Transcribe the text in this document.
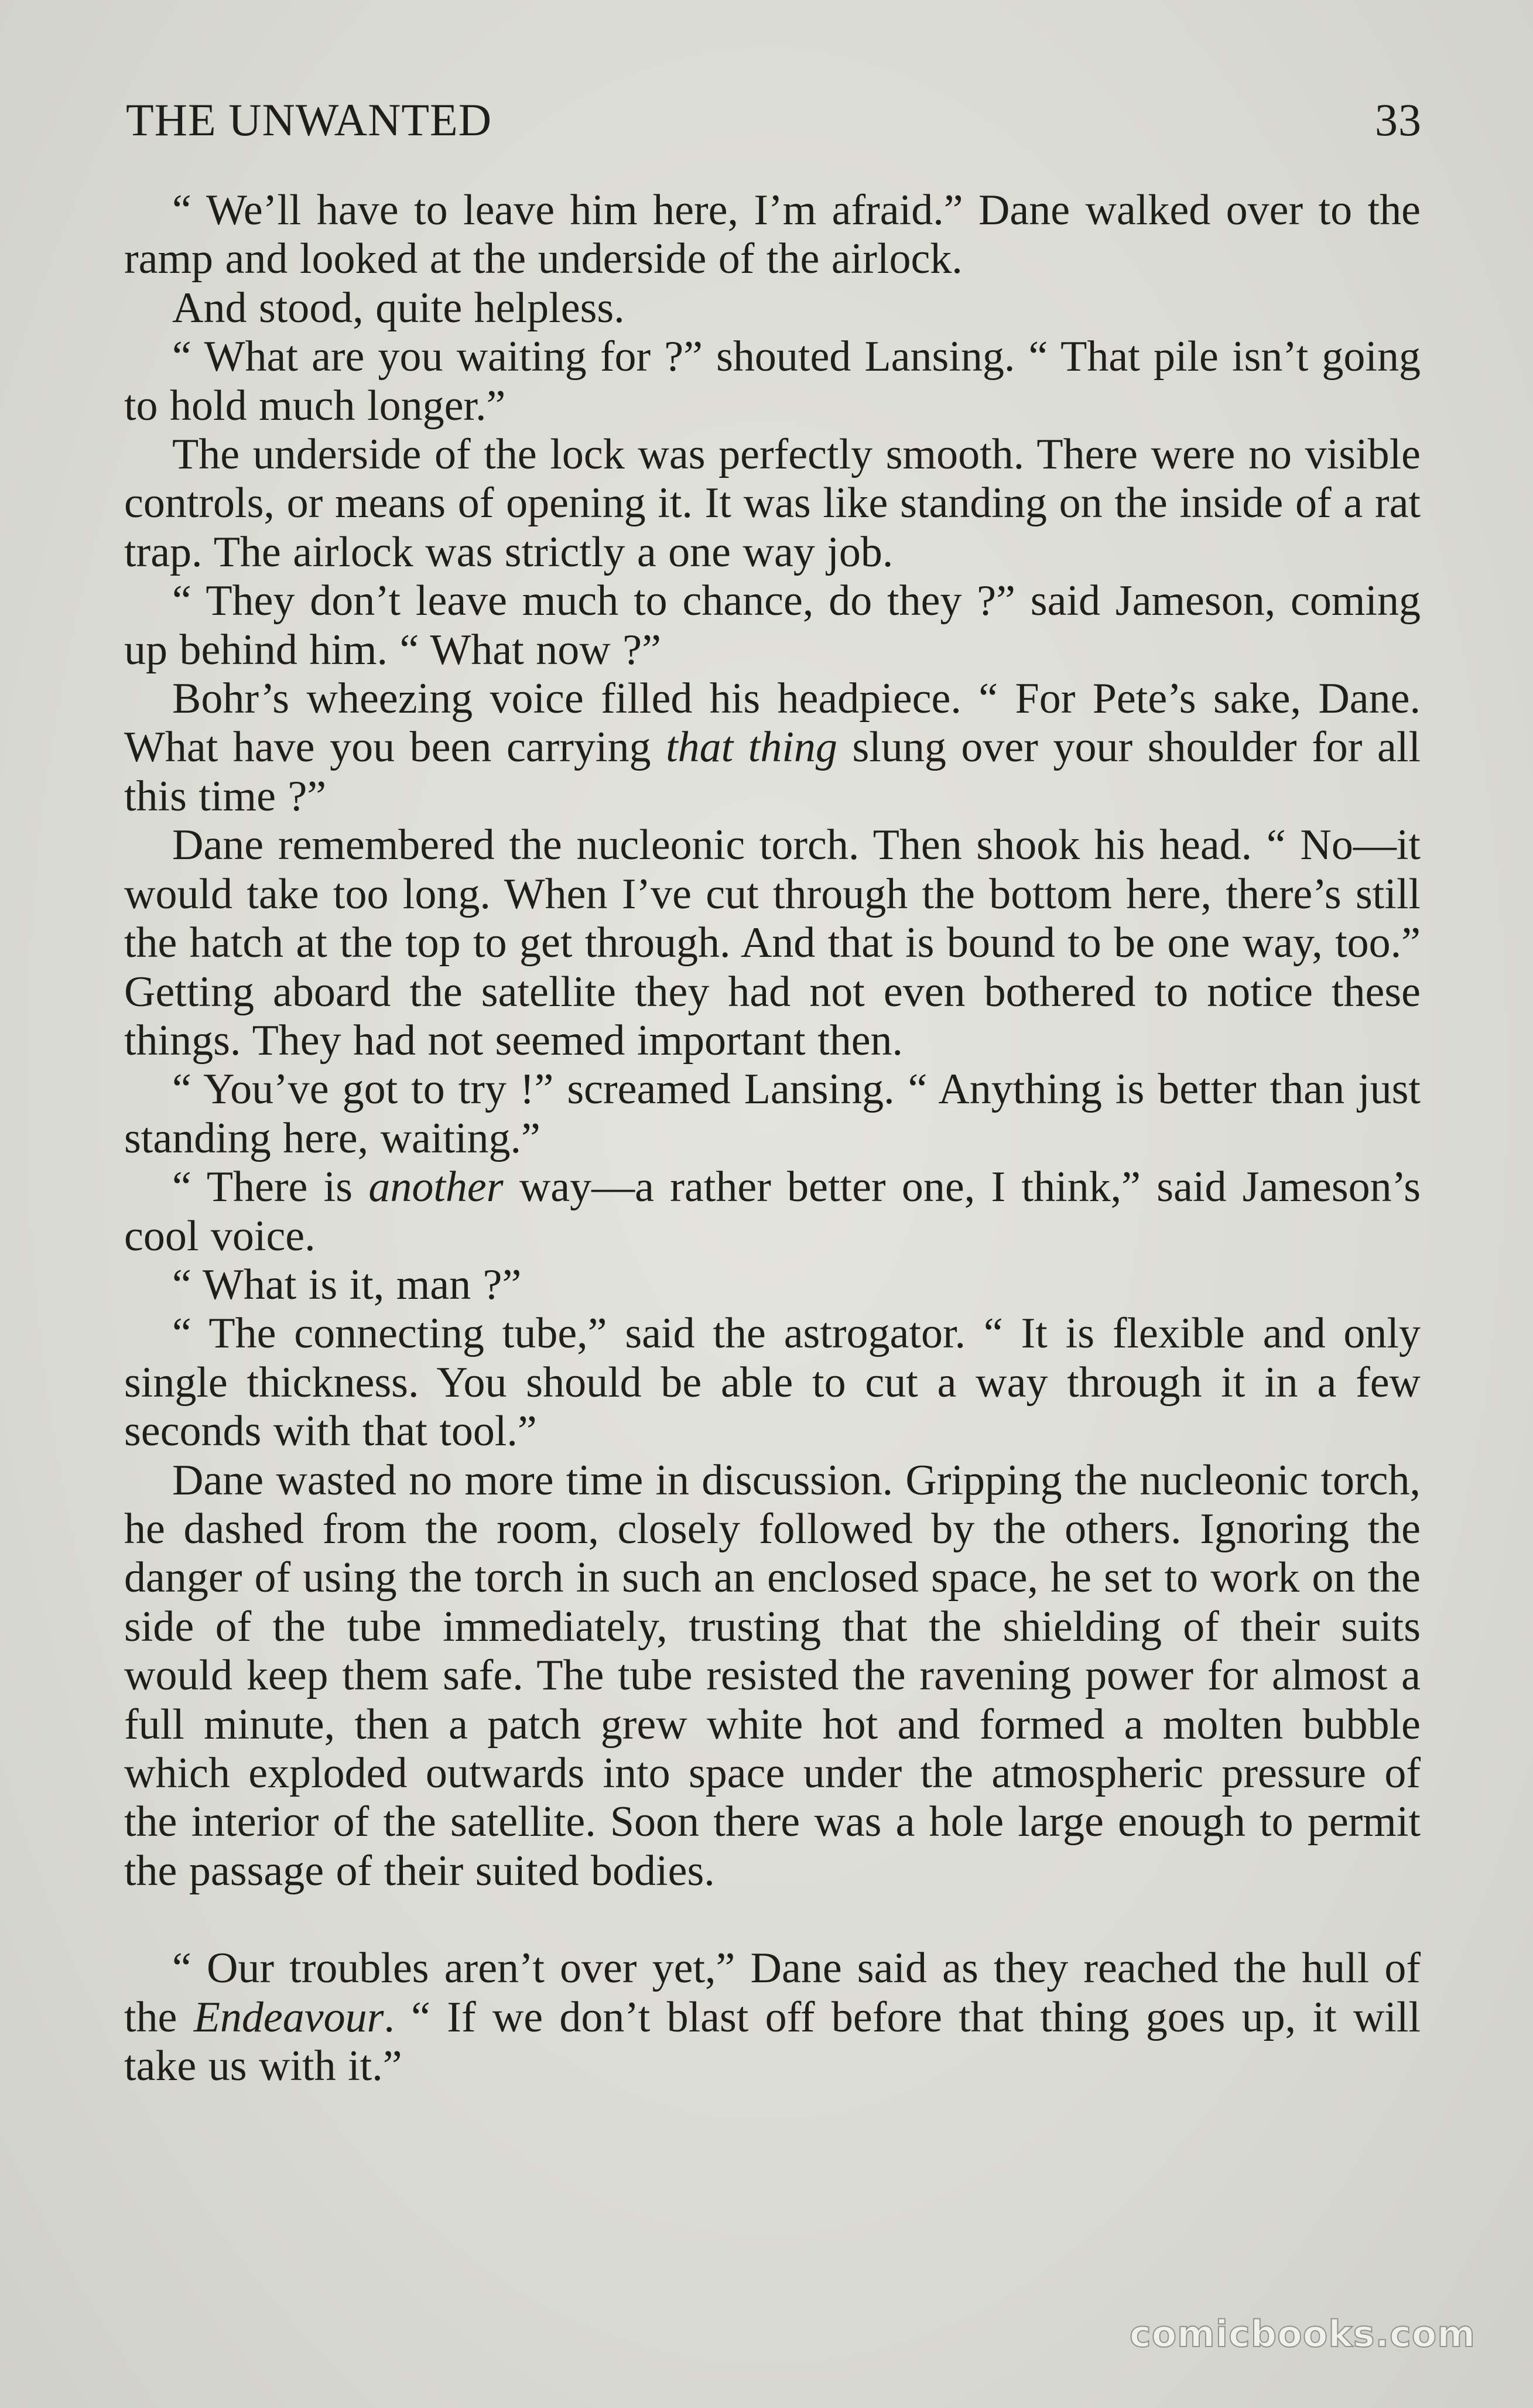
THE UNWANTED	33

“ We’ll have to leave him here, I’m afraid.” Dane walked over to the ramp and looked at the underside of the airlock.

And stood, quite helpless.

“ What are you waiting for ?” shouted Lansing. “ That pile isn’t going to hold much longer.”

The underside of the lock was perfectly smooth. There were no visible controls, or means of opening it. It was like standing on the inside of a rat trap. The airlock was strictly a one way job.

“ They don’t leave much to chance, do they ?” said Jameson, coming up behind him. “ What now ?”

Bohr’s wheezing voice filled his headpiece. “ For Pete’s sake, Dane. What have you been carrying that thing slung over your shoulder for all this time ?”

Dane remembered the nucleonic torch. Then shook his head. “ No—it would take too long. When I’ve cut through the bottom here, there’s still the hatch at the top to get through. And that is bound to be one way, too.” Getting aboard the satellite they had not even bothered to notice these things. They had not seemed important then.

“ You’ve got to try !” screamed Lansing. “ Anything is better than just standing here, waiting.”

“ There is another way—a rather better one, I think,” said Jameson’s cool voice.

“ What is it, man ?”

“ The connecting tube,” said the astrogator. “ It is flexible and only single thickness. You should be able to cut a way through it in a few seconds with that tool.”

Dane wasted no more time in discussion. Gripping the nucleonic torch, he dashed from the room, closely followed by the others. Ignoring the danger of using the torch in such an enclosed space, he set to work on the side of the tube immediately, trusting that the shielding of their suits would keep them safe. The tube resisted the ravening power for almost a full minute, then a patch grew white hot and formed a molten bubble which exploded outwards into space under the atmospheric pressure of the interior of the satellite. Soon there was a hole large enough to permit the passage of their suited bodies.

“ Our troubles aren’t over yet,” Dane said as they reached the hull of the Endeavour. “ If we don’t blast off before that thing goes up, it will take us with it.”

comicbooks.com
